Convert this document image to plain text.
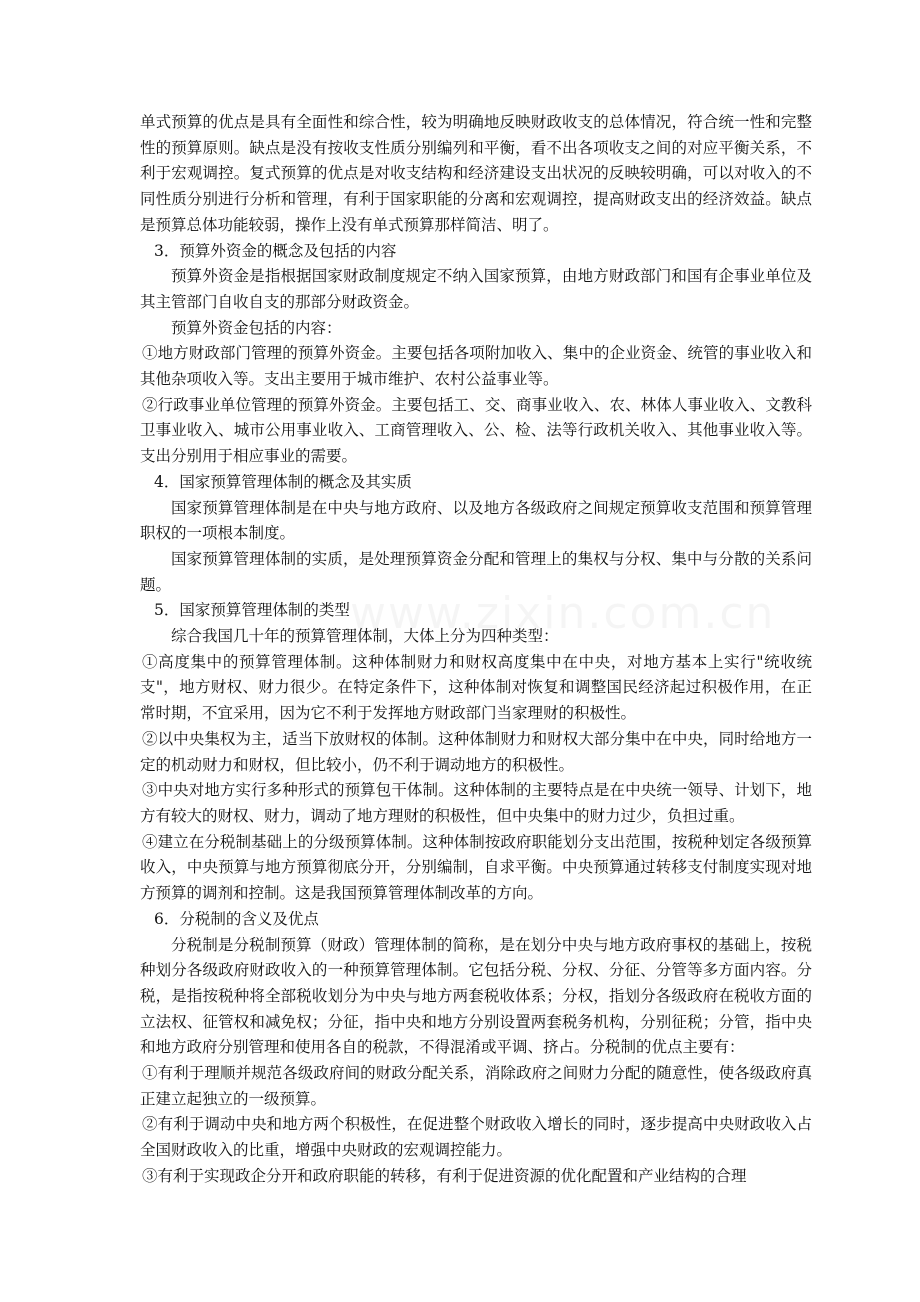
单式预算的优点是具有全面性和综合性，较为明确地反映财政收支的总体情况，符合统一性和完整性的预算原则。缺点是没有按收支性质分别编列和平衡，看不出各项收支之间的对应平衡关系，不利于宏观调控。复式预算的优点是对收支结构和经济建设支出状况的反映较明确，可以对收入的不同性质分别进行分析和管理，有利于国家职能的分离和宏观调控，提高财政支出的经济效益。缺点是预算总体功能较弱，操作上没有单式预算那样简洁、明了。

3．预算外资金的概念及包括的内容

预算外资金是指根据国家财政制度规定不纳入国家预算，由地方财政部门和国有企事业单位及其主管部门自收自支的那部分财政资金。

预算外资金包括的内容：

①地方财政部门管理的预算外资金。主要包括各项附加收入、集中的企业资金、统管的事业收入和其他杂项收入等。支出主要用于城市维护、农村公益事业等。

②行政事业单位管理的预算外资金。主要包括工、交、商事业收入、农、林体人事业收入、文教科卫事业收入、城市公用事业收入、工商管理收入、公、检、法等行政机关收入、其他事业收入等。支出分别用于相应事业的需要。

4．国家预算管理体制的概念及其实质

国家预算管理体制是在中央与地方政府、以及地方各级政府之间规定预算收支范围和预算管理职权的一项根本制度。

国家预算管理体制的实质，是处理预算资金分配和管理上的集权与分权、集中与分散的关系问题。

5．国家预算管理体制的类型

综合我国几十年的预算管理体制，大体上分为四种类型：

①高度集中的预算管理体制。这种体制财力和财权高度集中在中央，对地方基本上实行"统收统支"，地方财权、财力很少。在特定条件下，这种体制对恢复和调整国民经济起过积极作用，在正常时期，不宜采用，因为它不利于发挥地方财政部门当家理财的积极性。

②以中央集权为主，适当下放财权的体制。这种体制财力和财权大部分集中在中央，同时给地方一定的机动财力和财权，但比较小，仍不利于调动地方的积极性。

③中央对地方实行多种形式的预算包干体制。这种体制的主要特点是在中央统一领导、计划下，地方有较大的财权、财力，调动了地方理财的积极性，但中央集中的财力过少，负担过重。

④建立在分税制基础上的分级预算体制。这种体制按政府职能划分支出范围，按税种划定各级预算收入，中央预算与地方预算彻底分开，分别编制，自求平衡。中央预算通过转移支付制度实现对地方预算的调剂和控制。这是我国预算管理体制改革的方向。

6．分税制的含义及优点

分税制是分税制预算（财政）管理体制的简称，是在划分中央与地方政府事权的基础上，按税种划分各级政府财政收入的一种预算管理体制。它包括分税、分权、分征、分管等多方面内容。分税，是指按税种将全部税收划分为中央与地方两套税收体系；分权，指划分各级政府在税收方面的立法权、征管权和减免权；分征，指中央和地方分别设置两套税务机构，分别征税；分管，指中央和地方政府分别管理和使用各自的税款，不得混淆或平调、挤占。分税制的优点主要有：

①有利于理顺并规范各级政府间的财政分配关系，消除政府之间财力分配的随意性，使各级政府真正建立起独立的一级预算。

②有利于调动中央和地方两个积极性，在促进整个财政收入增长的同时，逐步提高中央财政收入占全国财政收入的比重，增强中央财政的宏观调控能力。

③有利于实现政企分开和政府职能的转移，有利于促进资源的优化配置和产业结构的合理
